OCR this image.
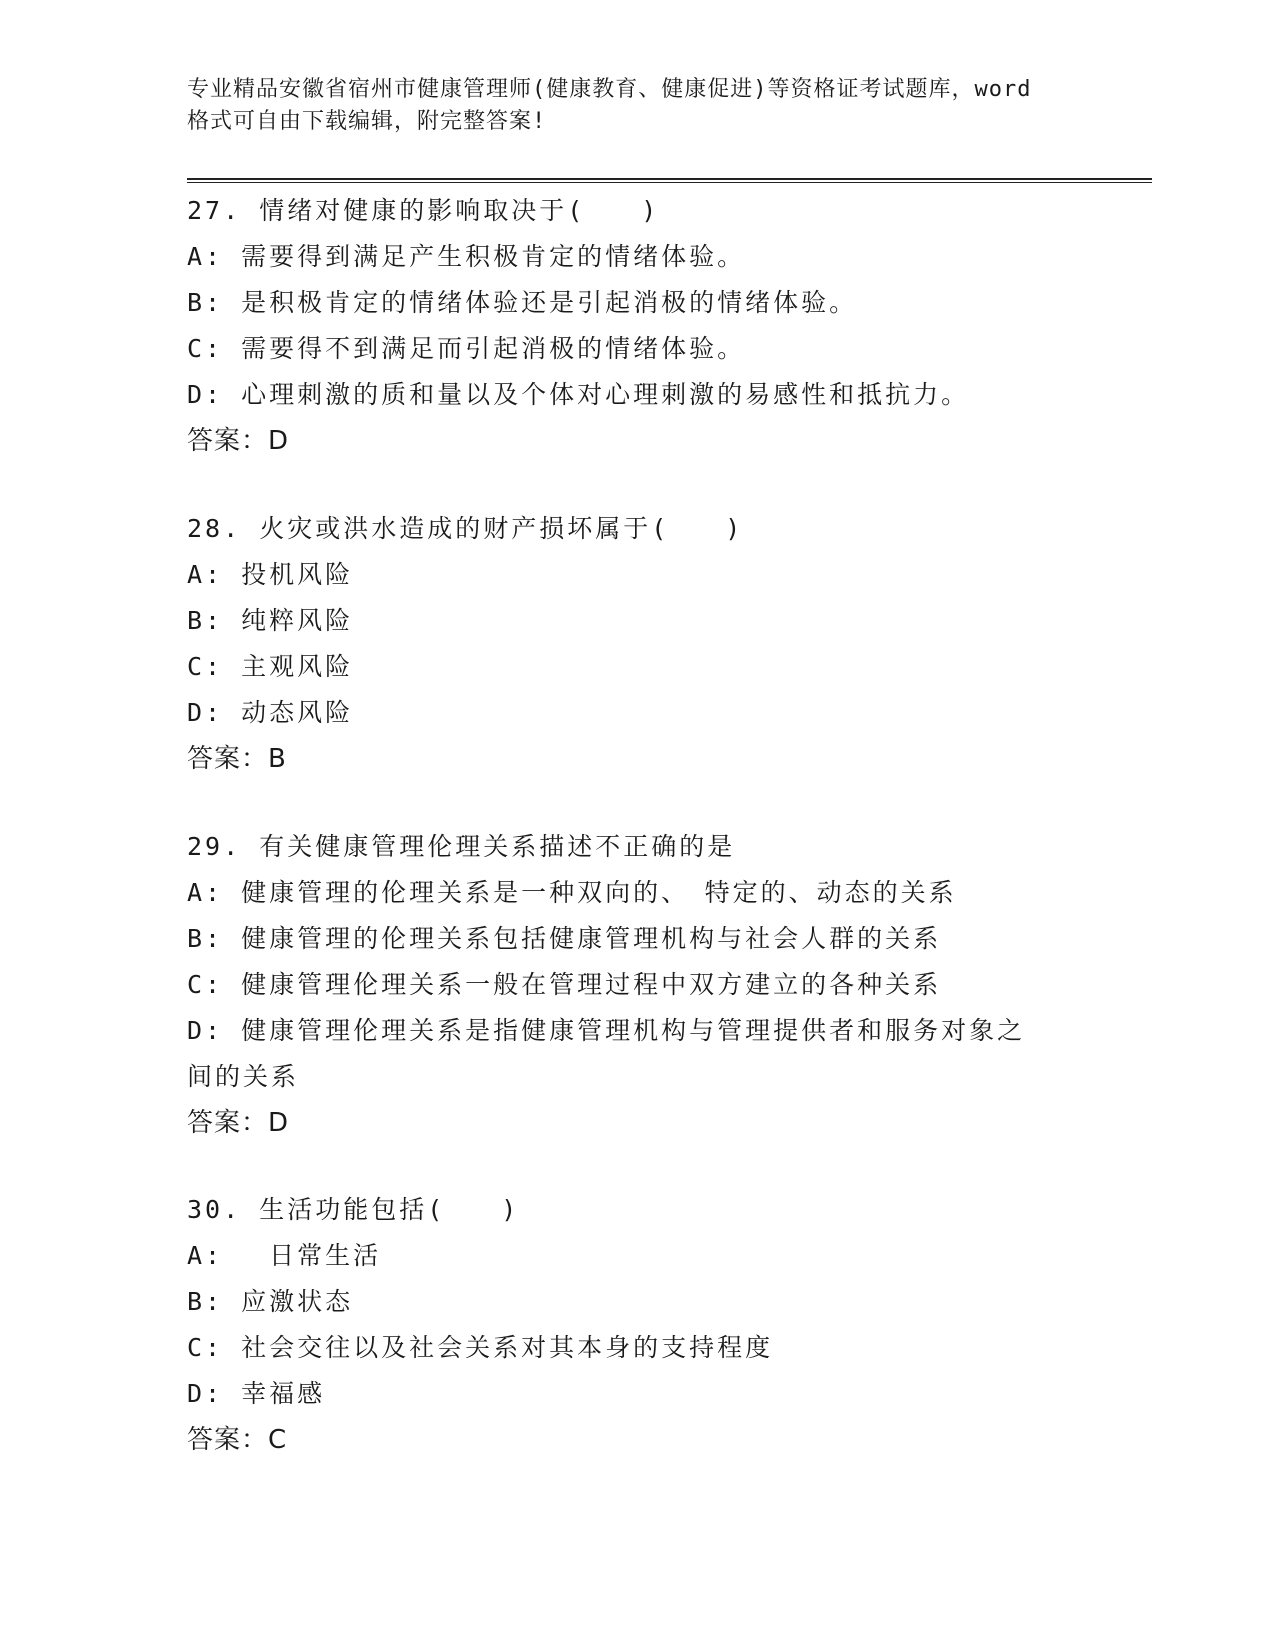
专业精品安徽省宿州市健康管理师(健康教育、健康促进)等资格证考试题库，word
格式可自由下载编辑，附完整答案!
27. 情绪对健康的影响取决于(　　)
A: 需要得到满足产生积极肯定的情绪体验。
B: 是积极肯定的情绪体验还是引起消极的情绪体验。
C: 需要得不到满足而引起消极的情绪体验。
D: 心理刺激的质和量以及个体对心理刺激的易感性和抵抗力。
答案：D
28. 火灾或洪水造成的财产损坏属于(　　)
A: 投机风险
B: 纯粹风险
C: 主观风险
D: 动态风险
答案：B
29. 有关健康管理伦理关系描述不正确的是
A: 健康管理的伦理关系是一种双向的、　特定的、动态的关系
B: 健康管理的伦理关系包括健康管理机构与社会人群的关系
C: 健康管理伦理关系一般在管理过程中双方建立的各种关系
D: 健康管理伦理关系是指健康管理机构与管理提供者和服务对象之间的关系
答案：D
30. 生活功能包括(　　)
A: 　日常生活
B: 应激状态
C: 社会交往以及社会关系对其本身的支持程度
D: 幸福感
答案：C
